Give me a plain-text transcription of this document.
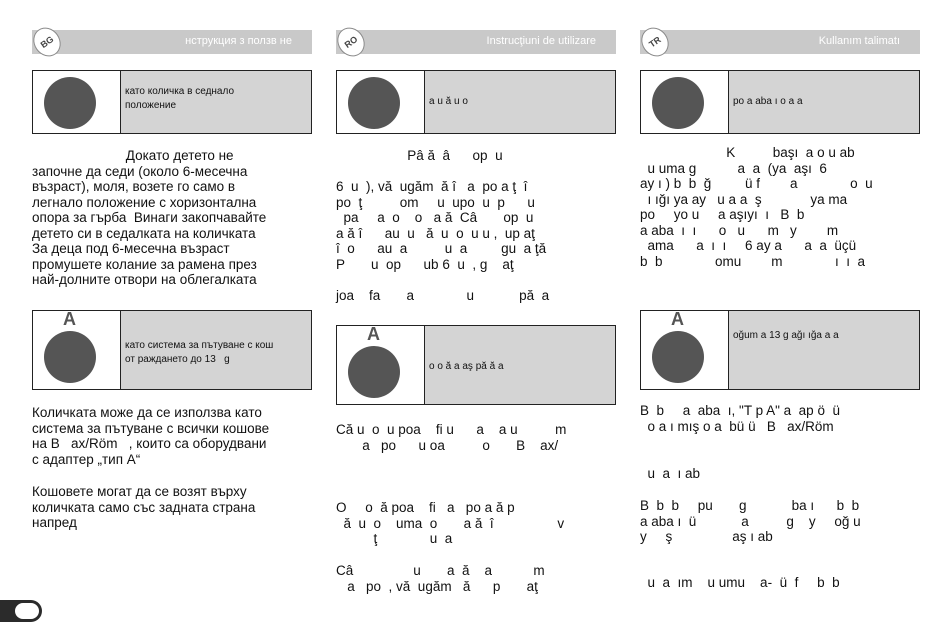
нструкция з ползв не
BG
като количка в седнало
положение
Докато детето не
започне да седи (около 6-месечна
възраст), моля, возете го само в
легнало положение с хоризонтална
опора за гърба  Винаги закопчавайте
детето си в седалката на количката
За деца под 6-месечна възраст
промушете колание за рамена през
най-долните отвори на облегалката
A
като система за пътуване с кош
от раждането до 13   g
Количката може да се използва като
система за пътуване с всички кошове
на B   ax/Röm   , които са оборудвани
с адаптер „тип А“
Кошовете могат да се возят върху
количката само със задната страна
напред
Instrucţiuni de utilizare
RO
a u ă u o
Pâ ă  â      op  u

6  u  ), vă  ugăm  ă î   a  po a ţ  î
po  ţ          om     u  upo  u  p      u
pa     a  o    o   a ă  Câ       op  u
a ă î      au  u   ă  u  o  u u ,  up aţ
î  o      au  a          u  a         gu  a ţă
P       u  op      ub 6  u  , g    aţ

joa    fa       a              u            pă  a
A
o o ă a aş pă ă a
Că u  o  u poa    fi u      a    a u          m
a   po      u oa          o       B    ax/
O     o  ă poa    fi   a   po a ă p
ă  u  o    uma  o       a ă  î                 v
ţ              u  a
Câ                u       a  ă    a           m
a   po  , vă  ugăm   ă      p       aţ
Kullanım talimatı
TR
po a aba ı o a a
K          başı  a o u ab
u uma g           a  a  (ya  aşı  6
ay ı ) b  b  ğ         ü f        a              o  u
ı ığı ya ay   u a a  ş             ya ma
po     yo u     a aşıyı  ı   B  b
a aba  ı  ı      o   u      m   y        m
ama      a  ı  ı     6 ay a      a  a  üçü
b  b              omu        m              ı  ı  a
A
oğum a 13 g ağı ığa a a
B  b     a  aba  ı, "T p A" a  ap ö  ü
o a ı mış o a  bü ü   B   ax/Röm
u  a  ı ab
B  b  b     pu       g            ba ı      b  b
a aba ı  ü            a          g    y     oğ u
y     ş                aş ı ab
u  a  ım    u umu    a-  ü  f     b  b
